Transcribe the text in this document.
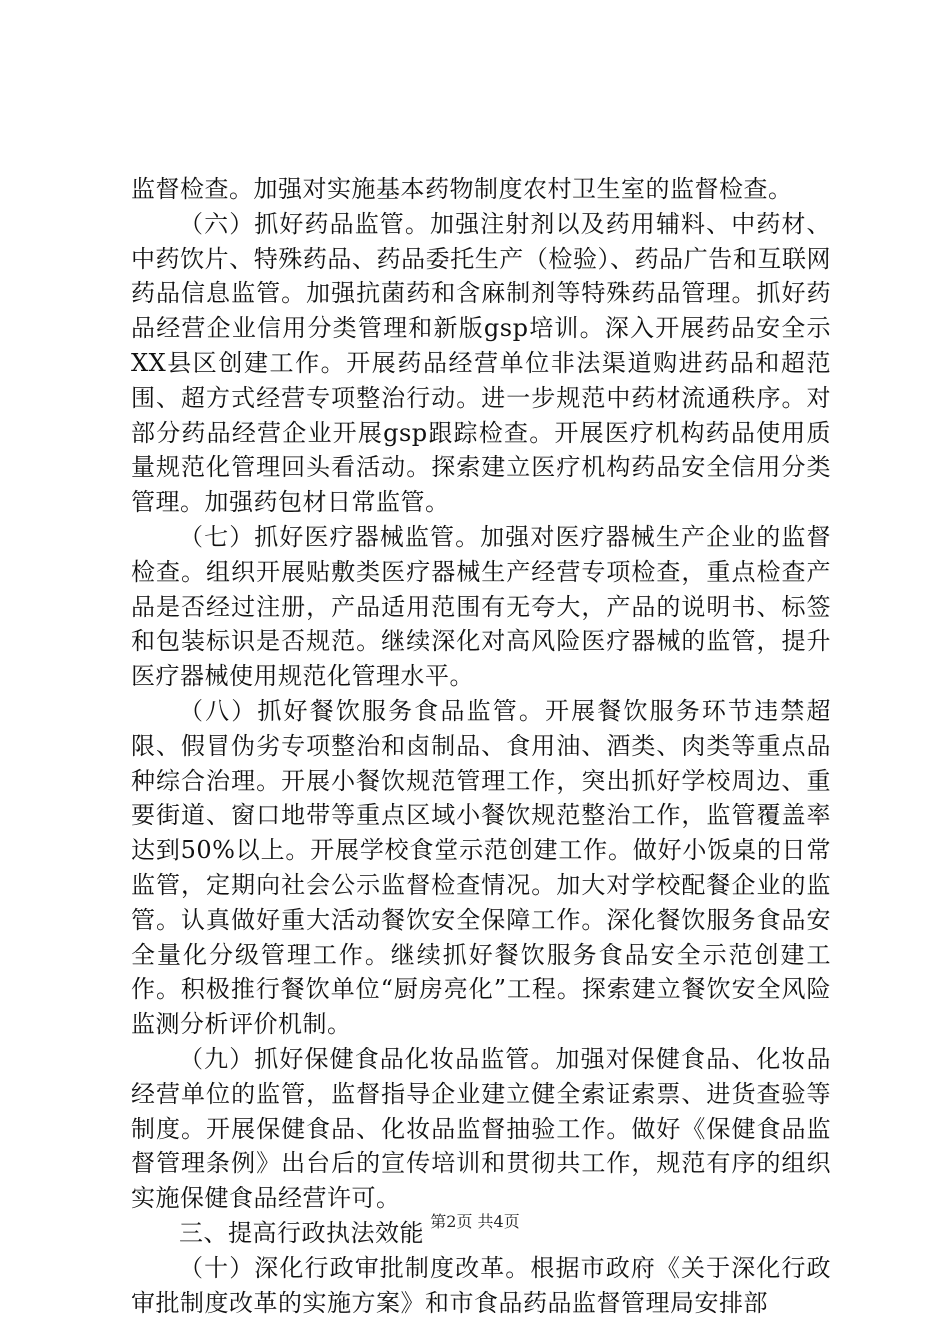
监督检查。加强对实施基本药物制度农村卫生室的监督检查。

（六）抓好药品监管。加强注射剂以及药用辅料、中药材、中药饮片、特殊药品、药品委托生产（检验）、药品广告和互联网药品信息监管。加强抗菌药和含麻制剂等特殊药品管理。抓好药品经营企业信用分类管理和新版gsp培训。深入开展药品安全示XX县区创建工作。开展药品经营单位非法渠道购进药品和超范围、超方式经营专项整治行动。进一步规范中药材流通秩序。对部分药品经营企业开展gsp跟踪检查。开展医疗机构药品使用质量规范化管理回头看活动。探索建立医疗机构药品安全信用分类管理。加强药包材日常监管。

（七）抓好医疗器械监管。加强对医疗器械生产企业的监督检查。组织开展贴敷类医疗器械生产经营专项检查，重点检查产品是否经过注册，产品适用范围有无夸大，产品的说明书、标签和包装标识是否规范。继续深化对高风险医疗器械的监管，提升医疗器械使用规范化管理水平。

（八）抓好餐饮服务食品监管。开展餐饮服务环节违禁超限、假冒伪劣专项整治和卤制品、食用油、酒类、肉类等重点品种综合治理。开展小餐饮规范管理工作，突出抓好学校周边、重要街道、窗口地带等重点区域小餐饮规范整治工作，监管覆盖率达到50%以上。开展学校食堂示范创建工作。做好小饭桌的日常监管，定期向社会公示监督检查情况。加大对学校配餐企业的监管。认真做好重大活动餐饮安全保障工作。深化餐饮服务食品安全量化分级管理工作。继续抓好餐饮服务食品安全示范创建工作。积极推行餐饮单位“厨房亮化”工程。探索建立餐饮安全风险监测分析评价机制。

（九）抓好保健食品化妆品监管。加强对保健食品、化妆品经营单位的监管，监督指导企业建立健全索证索票、进货查验等制度。开展保健食品、化妆品监督抽验工作。做好《保健食品监督管理条例》出台后的宣传培训和贯彻共工作，规范有序的组织实施保健食品经营许可。

三、提高行政执法效能

（十）深化行政审批制度改革。根据市政府《关于深化行政审批制度改革的实施方案》和市食品药品监督管理局安排部

第2页 共4页
